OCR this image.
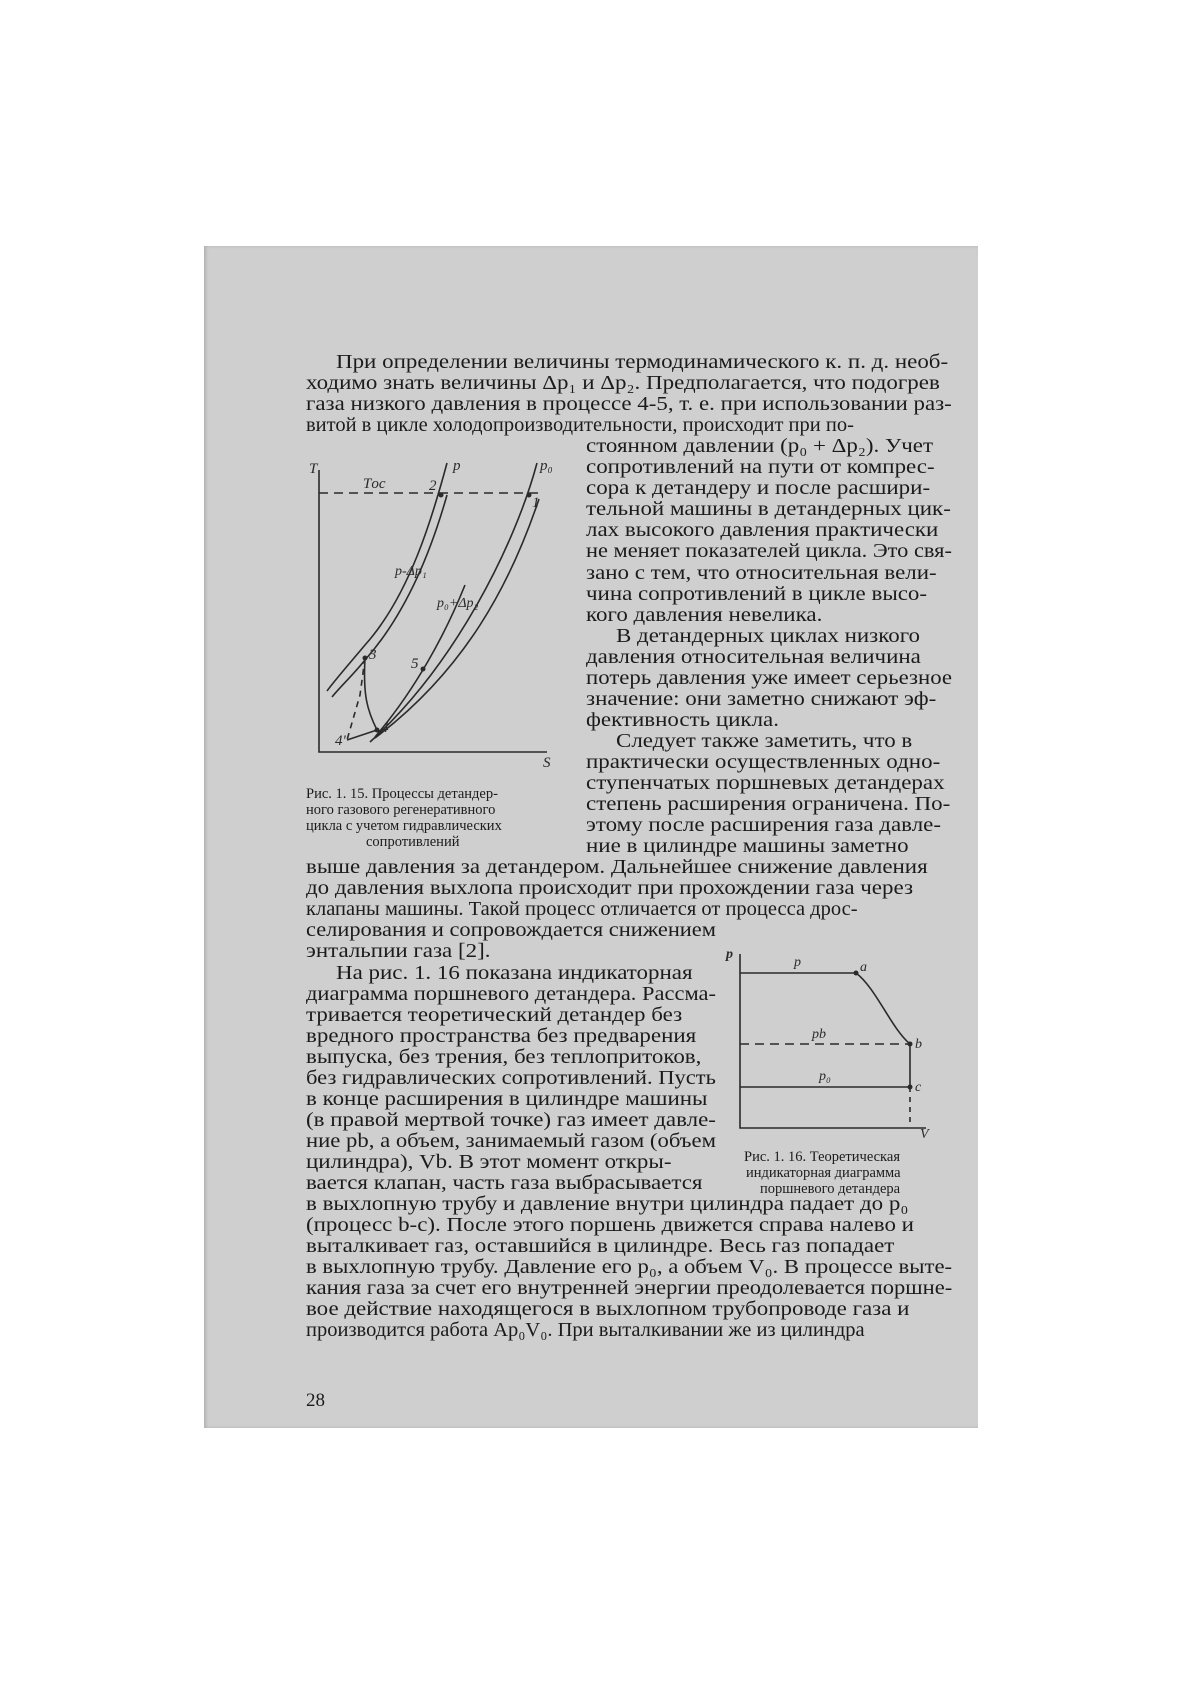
При определении величины термодинамического к. п. д. необ-
ходимо знать величины Δp₁ и Δp₂. Предполагается, что подогрев
газа низкого давления в процессе 4-5, т. е. при использовании раз-
витой в цикле холодопроизводительности, происходит при по-
стоянном давлении (p₀ + Δp₂). Учет
сопротивлений на пути от компрес-
сора к детандеру и после расшири-
тельной машины в детандерных цик-
лах высокого давления практически
не меняет показателей цикла. Это свя-
зано с тем, что относительная вели-
чина сопротивлений в цикле высо-
кого давления невелика.
В детандерных циклах низкого
давления относительная величина
потерь давления уже имеет серьезное
значение: они заметно снижают эф-
фективность цикла.
Следует также заметить, что в
практически осуществленных одно-
ступенчатых поршневых детандерах
степень расширения ограничена. По-
этому после расширения газа давле-
ние в цилиндре машины заметно
выше давления за детандером. Дальнейшее снижение давления
до давления выхлопа происходит при прохождении газа через
клапаны машины. Такой процесс отличается от процесса дрос-
селирования и сопровождается снижением
энтальпии газа [2].
На рис. 1. 16 показана индикаторная
диаграмма поршневого детандера. Рассма-
тривается теоретический детандер без
вредного пространства без предварения
выпуска, без трения, без теплопритоков,
без гидравлических сопротивлений. Пусть
в конце расширения в цилиндре машины
(в правой мертвой точке) газ имеет давле-
ние pb, а объем, занимаемый газом (объем
цилиндра), Vb. В этот момент откры-
вается клапан, часть газа выбрасывается
в выхлопную трубу и давление внутри цилиндра падает до p₀
(процесс b-c). После этого поршень движется справа налево и
выталкивает газ, оставшийся в цилиндре. Весь газ попадает
в выхлопную трубу. Давление его p₀, а объем V₀. В процессе выте-
кания газа за счет его внутренней энергии преодолевается поршне-
вое действие находящегося в выхлопном трубопроводе газа и
производится работа Ap₀V₀. При выталкивании же из цилиндра
T
S
Tос
p	p₀
p-Δp₁
p₀+Δp₂
1
2
3
4
4'
5
Рис. 1. 15. Процессы детандер-
ного газового регенеративного
цикла с учетом гидравлических
сопротивлений
p
V
p
pb
p₀
a
b
c
Рис. 1. 16. Теоретическая
индикаторная диаграмма
поршневого детандера
28
